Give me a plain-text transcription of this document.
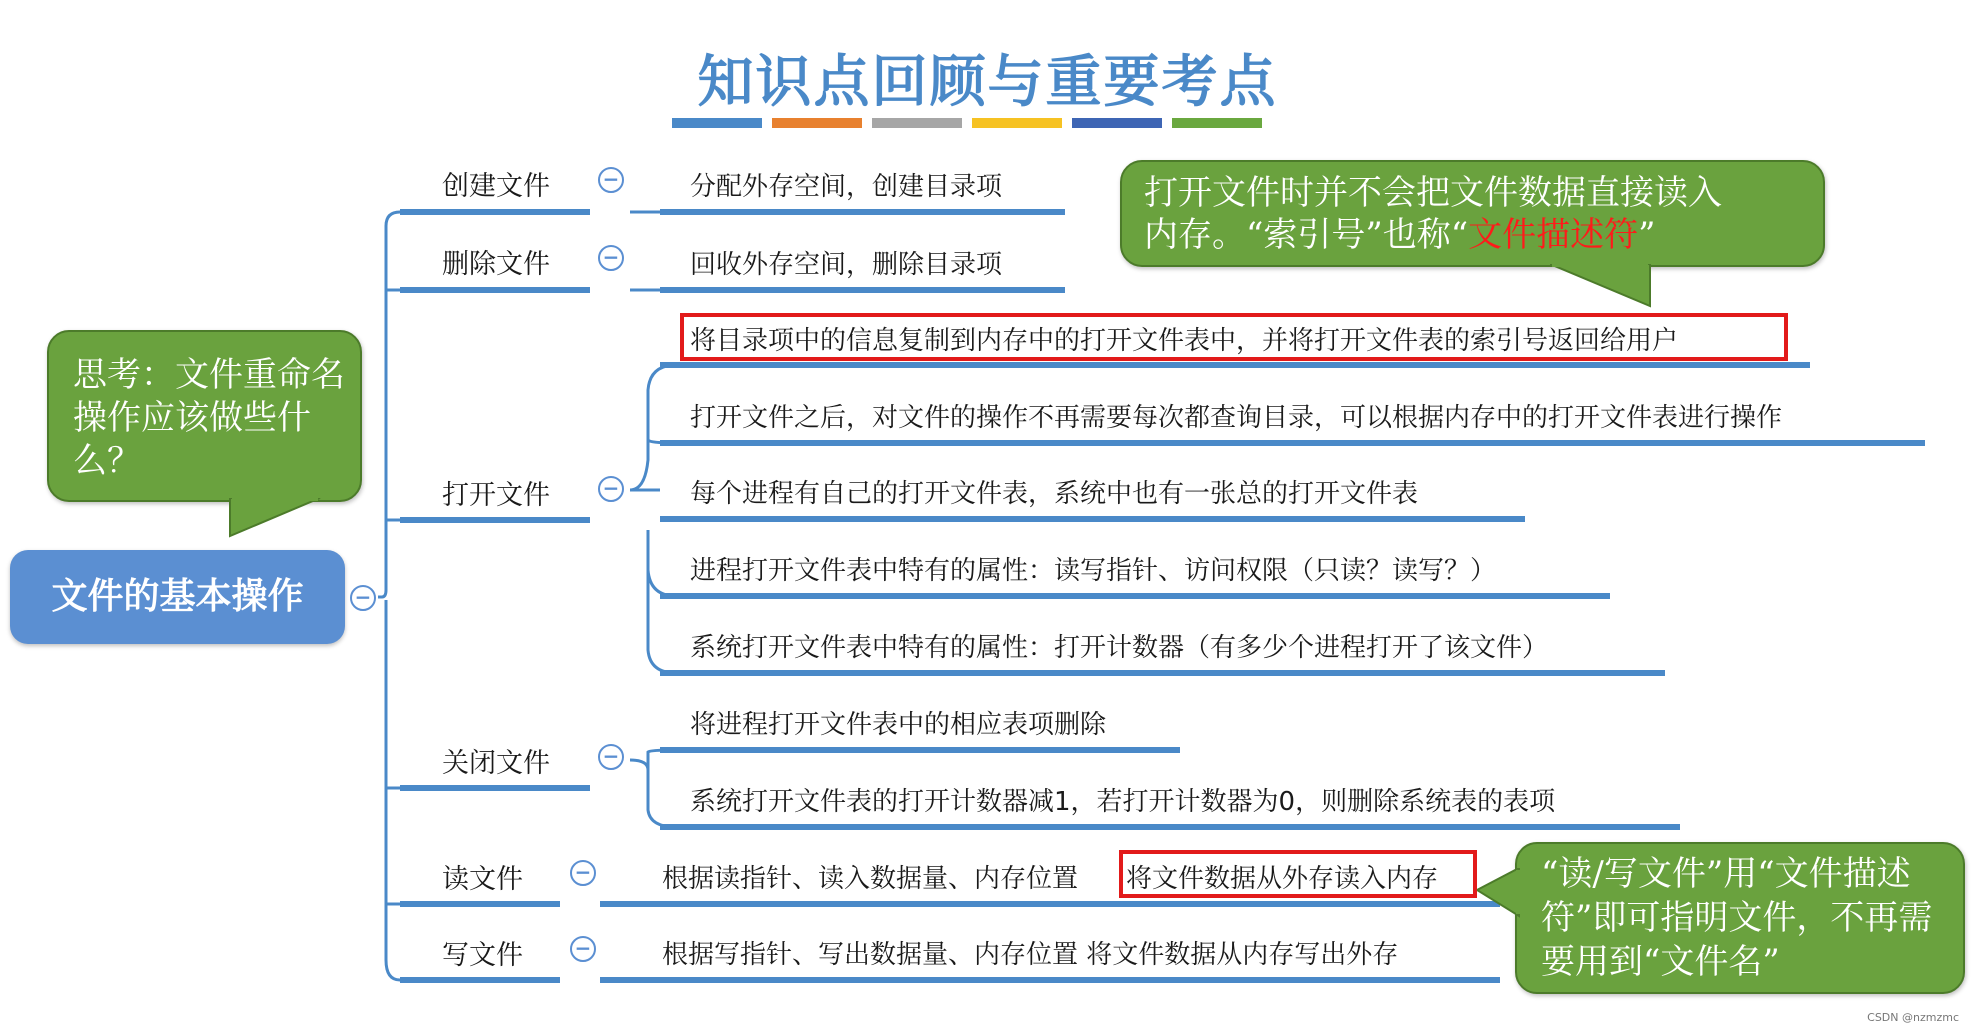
知识点回顾与重要考点
文件的基本操作	−
创建文件	−	分配外存空间，创建目录项
删除文件	−	回收外存空间，删除目录项
打开文件	−
将目录项中的信息复制到内存中的打开文件表中，并将打开文件表的索引号返回给用户
打开文件之后，对文件的操作不再需要每次都查询目录，可以根据内存中的打开文件表进行操作
每个进程有自己的打开文件表，系统中也有一张总的打开文件表
进程打开文件表中特有的属性：读写指针、访问权限（只读？读写？）
系统打开文件表中特有的属性：打开计数器（有多少个进程打开了该文件）
关闭文件	−
将进程打开文件表中的相应表项删除
系统打开文件表的打开计数器减1，若打开计数器为0，则删除系统表的表项
读文件	−	根据读指针、读入数据量、内存位置 将文件数据从外存读入内存
写文件	−	根据写指针、写出数据量、内存位置 将文件数据从内存写出外存
思考：文件重命名操作应该做些什么？
打开文件时并不会把文件数据直接读入
内存。“索引号”也称“文件描述符”
“读/写文件”用“文件描述符”即可指明文件，不再需要用到“文件名”
CSDN @nzmzmc
